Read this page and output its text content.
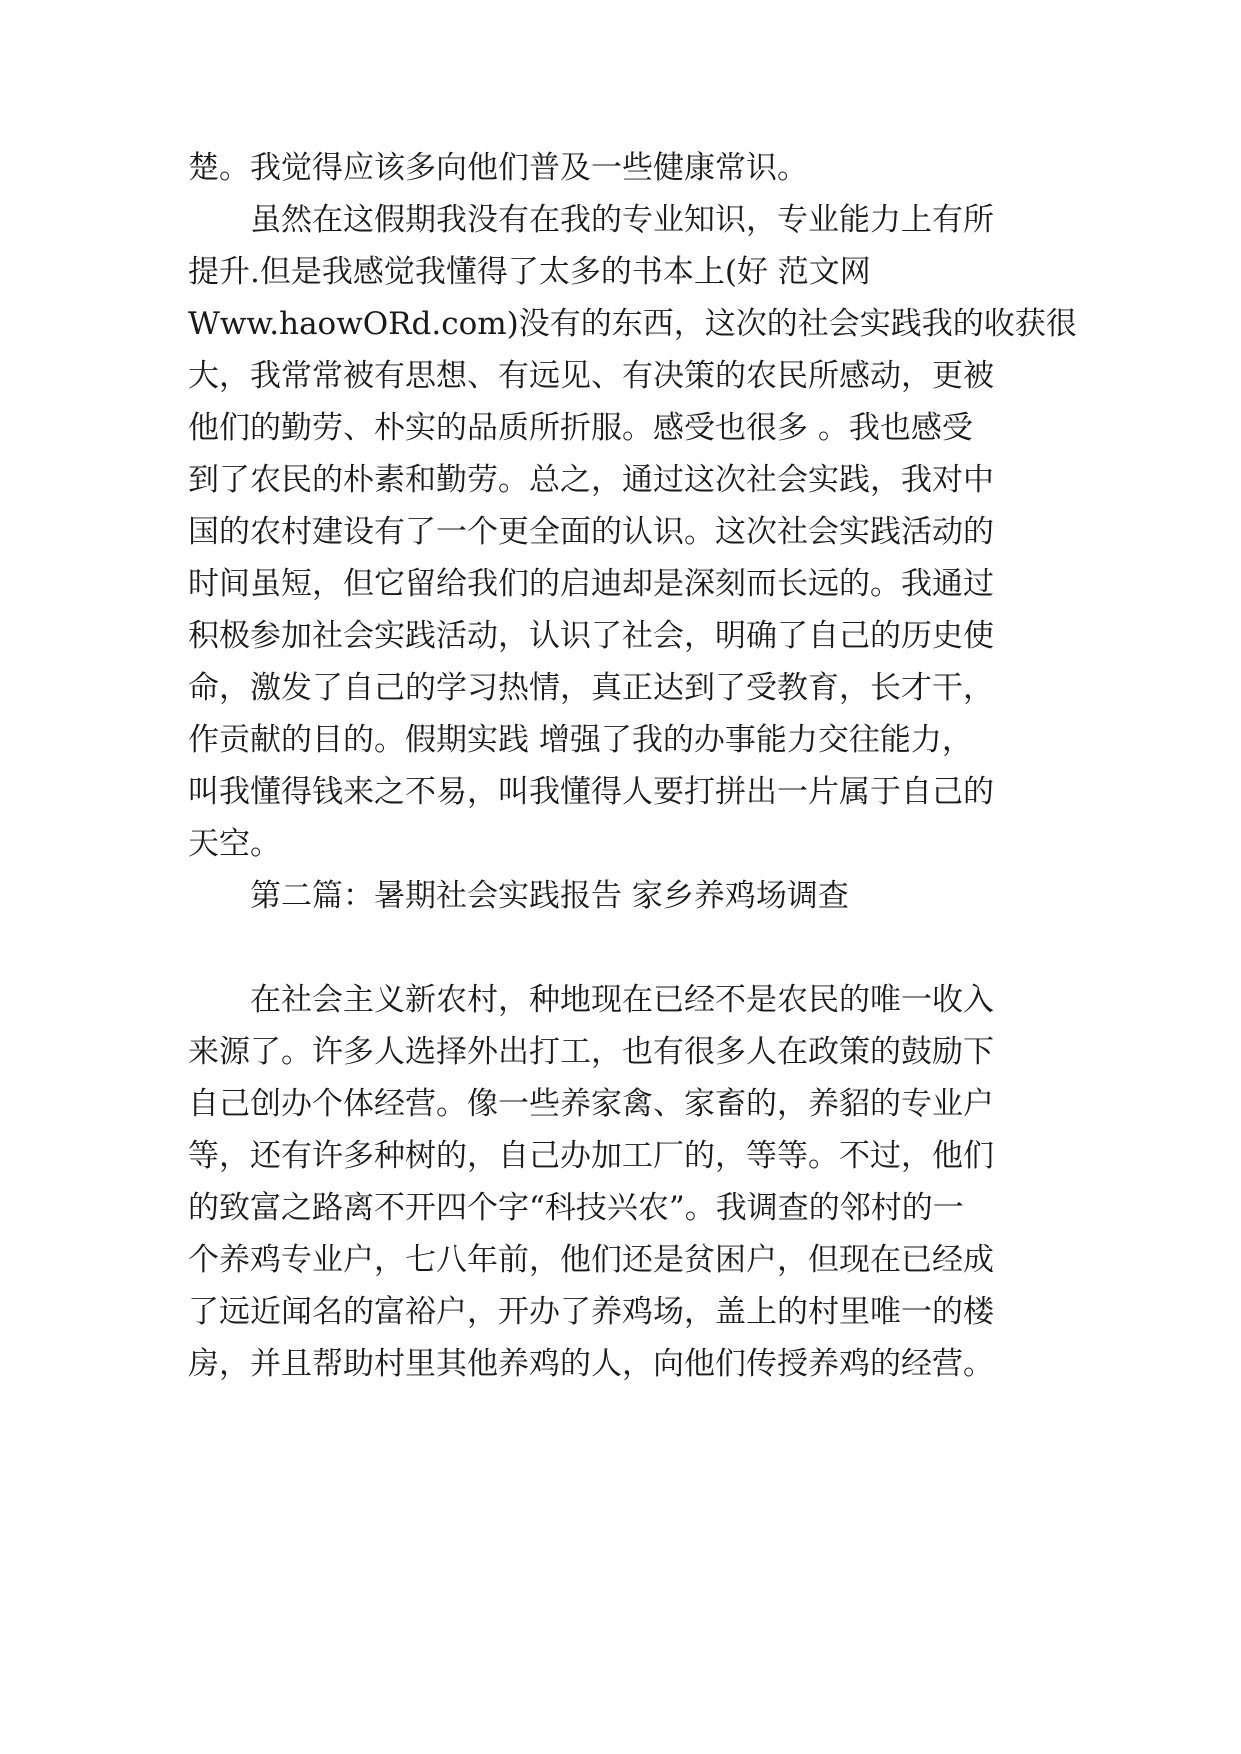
楚。我觉得应该多向他们普及一些健康常识。
虽然在这假期我没有在我的专业知识，专业能力上有所
提升.但是我感觉我懂得了太多的书本上(好 范文网
Www.haowORd.com)没有的东西，这次的社会实践我的收获很
大，我常常被有思想、有远见、有决策的农民所感动，更被
他们的勤劳、朴实的品质所折服。感受也很多 。我也感受
到了农民的朴素和勤劳。总之，通过这次社会实践，我对中
国的农村建设有了一个更全面的认识。这次社会实践活动的
时间虽短，但它留给我们的启迪却是深刻而长远的。我通过
积极参加社会实践活动，认识了社会，明确了自己的历史使
命，激发了自己的学习热情，真正达到了受教育，长才干，
作贡献的目的。假期实践 增强了我的办事能力交往能力，
叫我懂得钱来之不易，叫我懂得人要打拼出一片属于自己的
天空。
第二篇：暑期社会实践报告 家乡养鸡场调查
在社会主义新农村，种地现在已经不是农民的唯一收入
来源了。许多人选择外出打工，也有很多人在政策的鼓励下
自己创办个体经营。像一些养家禽、家畜的，养貂的专业户
等，还有许多种树的，自己办加工厂的，等等。不过，他们
的致富之路离不开四个字“科技兴农”。我调查的邻村的一
个养鸡专业户，七八年前，他们还是贫困户，但现在已经成
了远近闻名的富裕户，开办了养鸡场，盖上的村里唯一的楼
房，并且帮助村里其他养鸡的人，向他们传授养鸡的经营。
